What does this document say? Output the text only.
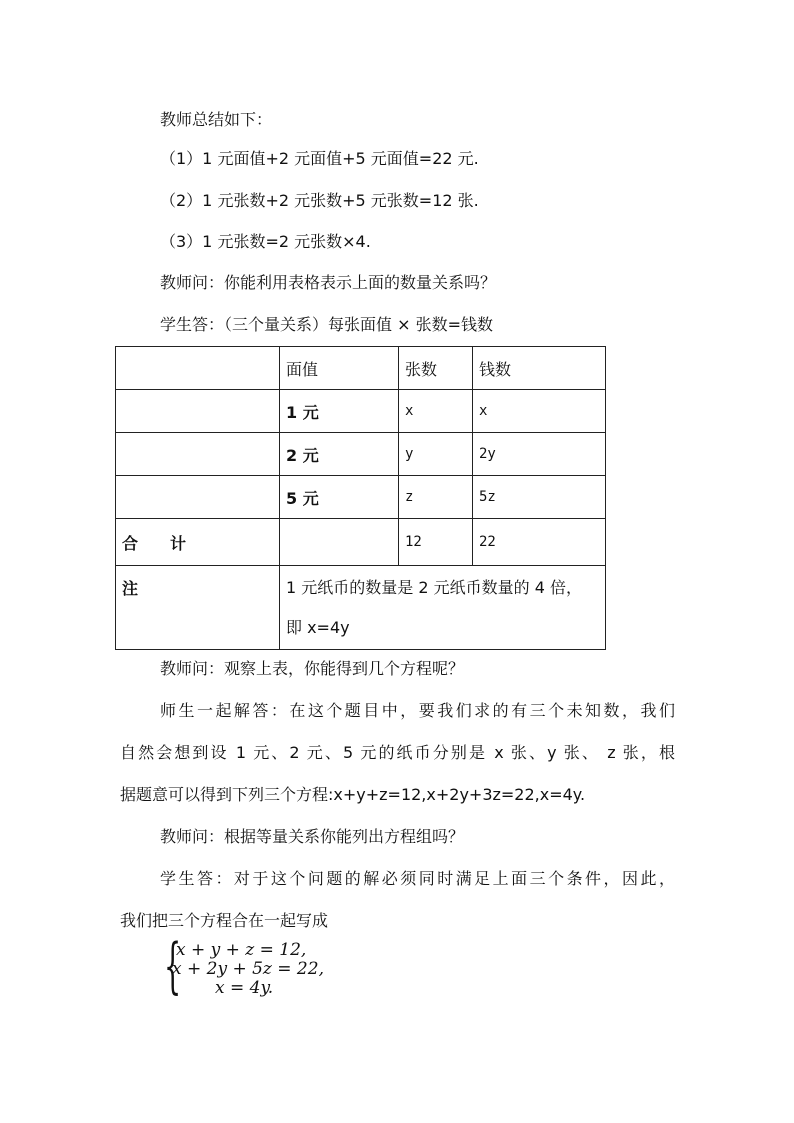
教师总结如下：
（1）1 元面值+2 元面值+5 元面值=22 元.
（2）1 元张数+2 元张数+5 元张数=12 张.
（3）1 元张数=2 元张数×4.
教师问：你能利用表格表示上面的数量关系吗？
学生答：（三个量关系）每张面值 × 张数=钱数
	面值	张数	钱数
	1 元	x	x
	2 元	y	2y
	5 元	z	5z
合　　计		12	22
注	1 元纸币的数量是 2 元纸币数量的 4 倍，
即 x=4y		
教师问：观察上表，你能得到几个方程呢？
师生一起解答：在这个题目中，要我们求的有三个未知数，我们
自然会想到设 1 元、2 元、5 元的纸币分别是 x 张、y 张、 z 张，根
据题意可以得到下列三个方程:x+y+z=12,x+2y+3z=22,x=4y.
教师问：根据等量关系你能列出方程组吗？
学生答：对于这个问题的解必须同时满足上面三个条件，因此，
我们把三个方程合在一起写成
{
x + y + z = 12,
x + 2y + 5z = 22,
x = 4y.
